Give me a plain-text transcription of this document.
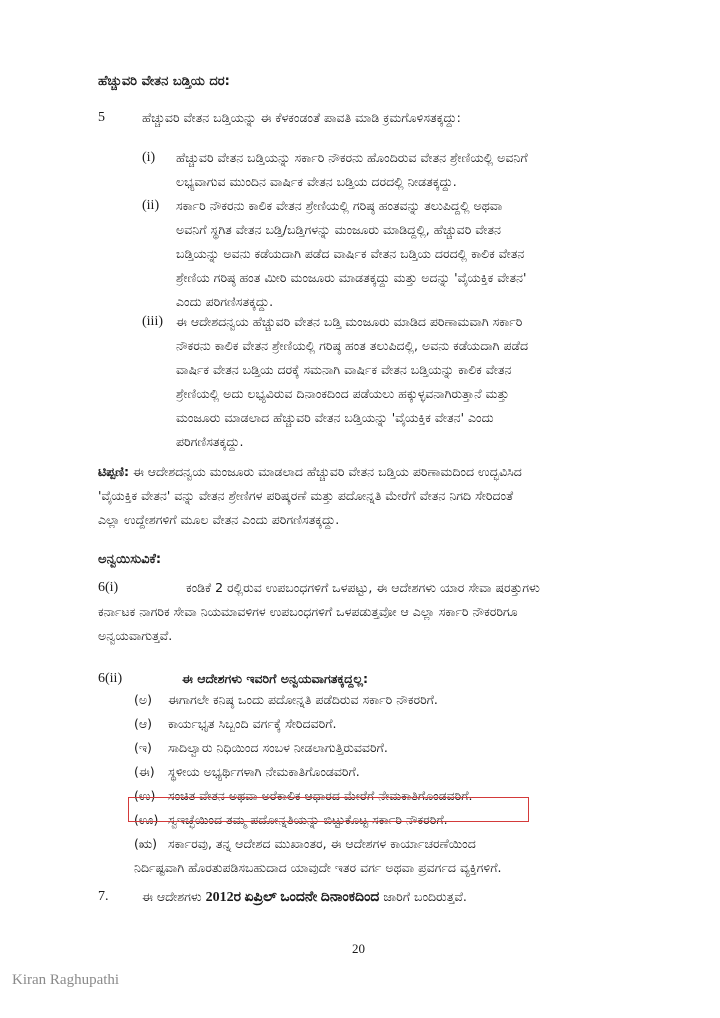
ಹೆಚ್ಚುವರಿ ವೇತನ ಬಡ್ತಿಯ ದರ:
5	ಹೆಚ್ಚುವರಿ ವೇತನ ಬಡ್ತಿಯನ್ನು ಈ ಕೆಳಕಂಡಂತೆ ಪಾವತಿ ಮಾಡಿ ಕ್ರಮಗೊಳಿಸತಕ್ಕದ್ದು:
(i) ಹೆಚ್ಚುವರಿ ವೇತನ ಬಡ್ತಿಯನ್ನು ಸರ್ಕಾರಿ ನೌಕರನು ಹೊಂದಿರುವ ವೇತನ ಶ್ರೇಣಿಯಲ್ಲಿ ಅವನಿಗೆ
ಲಭ್ಯವಾಗುವ ಮುಂದಿನ ವಾರ್ಷಿಕ ವೇತನ ಬಡ್ತಿಯ ದರದಲ್ಲಿ ನೀಡತಕ್ಕದ್ದು.
(ii) ಸರ್ಕಾರಿ ನೌಕರನು ಕಾಲಿಕ ವೇತನ ಶ್ರೇಣಿಯಲ್ಲಿ ಗರಿಷ್ಠ ಹಂತವನ್ನು ತಲುಪಿದ್ದಲ್ಲಿ ಅಥವಾ
ಅವನಿಗೆ ಸ್ಥಗಿತ ವೇತನ ಬಡ್ತಿ/ಬಡ್ತಿಗಳನ್ನು ಮಂಜೂರು ಮಾಡಿದ್ದಲ್ಲಿ, ಹೆಚ್ಚುವರಿ ವೇತನ
ಬಡ್ತಿಯನ್ನು ಅವನು ಕಡೆಯದಾಗಿ ಪಡೆದ ವಾರ್ಷಿಕ ವೇತನ ಬಡ್ತಿಯ ದರದಲ್ಲಿ ಕಾಲಿಕ ವೇತನ
ಶ್ರೇಣಿಯ ಗರಿಷ್ಠ ಹಂತ ಮೀರಿ ಮಂಜೂರು ಮಾಡತಕ್ಕದ್ದು ಮತ್ತು ಅದನ್ನು 'ವೈಯಕ್ತಿಕ ವೇತನ'
ಎಂದು ಪರಿಗಣಿಸತಕ್ಕದ್ದು.
(iii) ಈ ಆದೇಶದನ್ವಯ ಹೆಚ್ಚುವರಿ ವೇತನ ಬಡ್ತಿ ಮಂಜೂರು ಮಾಡಿದ ಪರಿಣಾಮವಾಗಿ ಸರ್ಕಾರಿ
ನೌಕರನು ಕಾಲಿಕ ವೇತನ ಶ್ರೇಣಿಯಲ್ಲಿ ಗರಿಷ್ಠ ಹಂತ ತಲುಪಿದಲ್ಲಿ, ಅವನು ಕಡೆಯದಾಗಿ ಪಡೆದ
ವಾರ್ಷಿಕ ವೇತನ ಬಡ್ತಿಯ ದರಕ್ಕೆ ಸಮನಾಗಿ ವಾರ್ಷಿಕ ವೇತನ ಬಡ್ತಿಯನ್ನು ಕಾಲಿಕ ವೇತನ
ಶ್ರೇಣಿಯಲ್ಲಿ ಅದು ಲಭ್ಯವಿರುವ ದಿನಾಂಕದಿಂದ ಪಡೆಯಲು ಹಕ್ಕುಳ್ಳವನಾಗಿರುತ್ತಾನೆ ಮತ್ತು
ಮಂಜೂರು ಮಾಡಲಾದ ಹೆಚ್ಚುವರಿ ವೇತನ ಬಡ್ತಿಯನ್ನು 'ವೈಯಕ್ತಿಕ ವೇತನ' ಎಂದು
ಪರಿಗಣಿಸತಕ್ಕದ್ದು.
ಟಿಪ್ಪಣಿ: ಈ ಆದೇಶದನ್ವಯ ಮಂಜೂರು ಮಾಡಲಾದ ಹೆಚ್ಚುವರಿ ವೇತನ ಬಡ್ತಿಯ ಪರಿಣಾಮದಿಂದ ಉದ್ಭವಿಸಿದ
'ವೈಯಕ್ತಿಕ ವೇತನ' ವನ್ನು ವೇತನ ಶ್ರೇಣಿಗಳ ಪರಿಷ್ಕರಣೆ ಮತ್ತು ಪದೋನ್ನತಿ ಮೇರೆಗೆ ವೇತನ ನಿಗದಿ ಸೇರಿದಂತೆ
ಎಲ್ಲಾ ಉದ್ದೇಶಗಳಿಗೆ ಮೂಲ ವೇತನ ಎಂದು ಪರಿಗಣಿಸತಕ್ಕದ್ದು.
ಅನ್ವಯಿಸುವಿಕೆ:
6(i)	ಕಂಡಿಕೆ 2 ರಲ್ಲಿರುವ ಉಪಬಂಧಗಳಿಗೆ ಒಳಪಟ್ಟು, ಈ ಆದೇಶಗಳು ಯಾರ ಸೇವಾ ಷರತ್ತುಗಳು
ಕರ್ನಾಟಕ ನಾಗರಿಕ ಸೇವಾ ನಿಯಮಾವಳಿಗಳ ಉಪಬಂಧಗಳಿಗೆ ಒಳಪಡುತ್ತವೋ ಆ ಎಲ್ಲಾ ಸರ್ಕಾರಿ ನೌಕರರಿಗೂ
ಅನ್ವಯವಾಗುತ್ತವೆ.
6(ii)	ಈ ಆದೇಶಗಳು ಇವರಿಗೆ ಅನ್ವಯವಾಗತಕ್ಕದ್ದಲ್ಲ:
(ಅ) ಈಗಾಗಲೇ ಕನಿಷ್ಠ ಒಂದು ಪದೋನ್ನತಿ ಪಡೆದಿರುವ ಸರ್ಕಾರಿ ನೌಕರರಿಗೆ.
(ಆ) ಕಾರ್ಯಭೃತ ಸಿಬ್ಬಂದಿ ವರ್ಗಕ್ಕೆ ಸೇರಿದವರಿಗೆ.
(ಇ) ಸಾದಿಲ್ವಾರು ನಿಧಿಯಿಂದ ಸಂಬಳ ನೀಡಲಾಗುತ್ತಿರುವವರಿಗೆ.
(ಈ) ಸ್ಥಳೀಯ ಅಭ್ಯರ್ಥಿಗಳಾಗಿ ನೇಮಕಾತಿಗೊಂಡವರಿಗೆ.
(ಉ) ಸಂಚಿತ ವೇತನ ಅಥವಾ ಅರೆಕಾಲಿಕ ಆಧಾರದ ಮೇರೆಗೆ ನೇಮಕಾತಿಗೊಂಡವರಿಗೆ.
(ಊ) ಸ್ವಇಚ್ಛೆಯಿಂದ ತಮ್ಮ ಪದೋನ್ನತಿಯನ್ನು ಬಿಟ್ಟುಕೊಟ್ಟ ಸರ್ಕಾರಿ ನೌಕರರಿಗೆ.
(ಋ) ಸರ್ಕಾರವು, ತನ್ನ ಆದೇಶದ ಮುಖಾಂತರ, ಈ ಆದೇಶಗಳ ಕಾರ್ಯಾಚರಣೆಯಿಂದ
ನಿರ್ದಿಷ್ಟವಾಗಿ ಹೊರತುಪಡಿಸಬಹುದಾದ ಯಾವುದೇ ಇತರ ವರ್ಗ ಅಥವಾ ಪ್ರವರ್ಗದ ವ್ಯಕ್ತಿಗಳಿಗೆ.
7.	ಈ ಆದೇಶಗಳು 2012ರ ಏಪ್ರಿಲ್ ಒಂದನೇ ದಿನಾಂಕದಿಂದ ಜಾರಿಗೆ ಬಂದಿರುತ್ತವೆ.
20
Kiran Raghupathi
